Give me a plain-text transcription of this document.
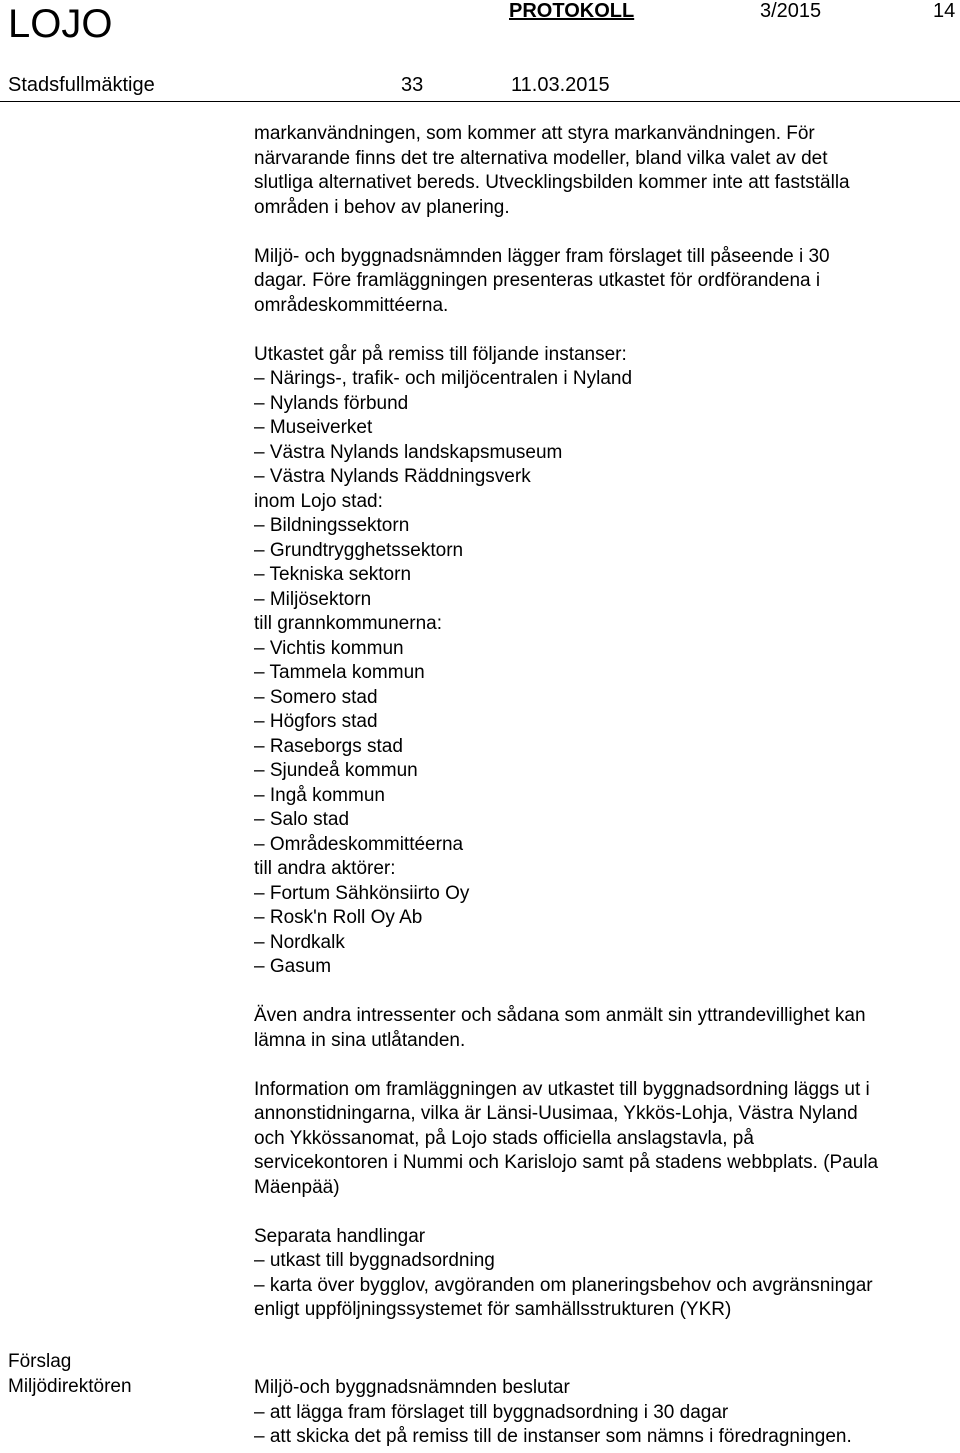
LOJO	PROTOKOLL	3/2015	14
Stadsfullmäktige	33	11.03.2015

markanvändningen, som kommer att styra markanvändningen. För

närvarande finns det tre alternativa modeller, bland vilka valet av det

slutliga alternativet bereds. Utvecklingsbilden kommer inte att fastställa

områden i behov av planering.

Miljö- och byggnadsnämnden lägger fram förslaget till påseende i 30

dagar. Före framläggningen presenteras utkastet för ordförandena i

områdeskommittéerna.

Utkastet går på remiss till följande instanser:

– Närings-, trafik- och miljöcentralen i Nyland

– Nylands förbund

– Museiverket

– Västra Nylands landskapsmuseum

– Västra Nylands Räddningsverk

inom Lojo stad:

– Bildningssektorn

– Grundtrygghetssektorn

– Tekniska sektorn

– Miljösektorn

till grannkommunerna:

– Vichtis kommun

– Tammela kommun

– Somero stad

– Högfors stad

– Raseborgs stad

– Sjundeå kommun

– Ingå kommun

– Salo stad

– Områdeskommittéerna

till andra aktörer:

– Fortum Sähkönsiirto Oy

– Rosk'n Roll Oy Ab

– Nordkalk

– Gasum

Även andra intressenter och sådana som anmält sin yttrandevillighet kan

lämna in sina utlåtanden.

Information om framläggningen av utkastet till byggnadsordning läggs ut i

annonstidningarna, vilka är Länsi-Uusimaa, Ykkös-Lohja, Västra Nyland

och Ykkössanomat, på Lojo stads officiella anslagstavla, på

servicekontoren i Nummi och Karislojo samt på stadens webbplats. (Paula

Mäenpää)

Separata handlingar

– utkast till byggnadsordning

– karta över bygglov, avgöranden om planeringsbehov och avgränsningar

enligt uppföljningssystemet för samhällsstrukturen (YKR)

Förslag
Miljödirektören	Miljö-och byggnadsnämnden beslutar

– att lägga fram förslaget till byggnadsordning i 30 dagar

– att skicka det på remiss till de instanser som nämns i föredragningen.
